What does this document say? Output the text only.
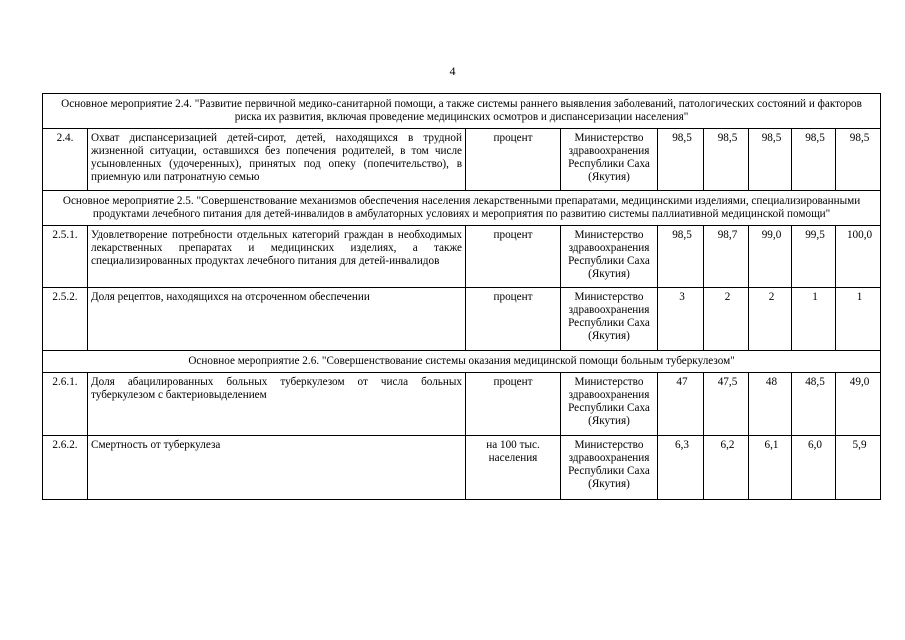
4
Основное мероприятие 2.4. "Развитие первичной медико-санитарной помощи, а также системы раннего выявления заболеваний, патологических состояний и факторов риска их развития, включая проведение медицинских осмотров и диспансеризации населения"								
2.4.	Охват диспансеризацией детей-сирот, детей, находящихся в трудной жизненной ситуации, оставшихся без попечения родителей, в том числе усыновленных (удочеренных), принятых под опеку (попечительство), в приемную или патронатную семью	процент	Министерство здравоохранения Республики Саха (Якутия)	98,5	98,5	98,5	98,5	98,5
Основное мероприятие 2.5. "Совершенствование механизмов обеспечения населения лекарственными препаратами, медицинскими изделиями, специализированными продуктами лечебного питания для детей-инвалидов в амбулаторных условиях и мероприятия по развитию системы паллиативной медицинской помощи"								
2.5.1.	Удовлетворение потребности отдельных категорий граждан в необходимых лекарственных препаратах и медицинских изделиях, а также специализированных продуктах лечебного питания для детей-инвалидов	процент	Министерство здравоохранения Республики Саха (Якутия)	98,5	98,7	99,0	99,5	100,0
2.5.2.	Доля рецептов, находящихся на отсроченном обеспечении	процент	Министерство здравоохранения Республики Саха (Якутия)	3	2	2	1	1
Основное мероприятие 2.6. "Совершенствование системы оказания медицинской помощи больным туберкулезом"								
2.6.1.	Доля абацилированных больных туберкулезом от числа больных туберкулезом с бактериовыделением	процент	Министерство здравоохранения Республики Саха (Якутия)	47	47,5	48	48,5	49,0
2.6.2.	Смертность от туберкулеза	на 100 тыс. населения	Министерство здравоохранения Республики Саха (Якутия)	6,3	6,2	6,1	6,0	5,9
